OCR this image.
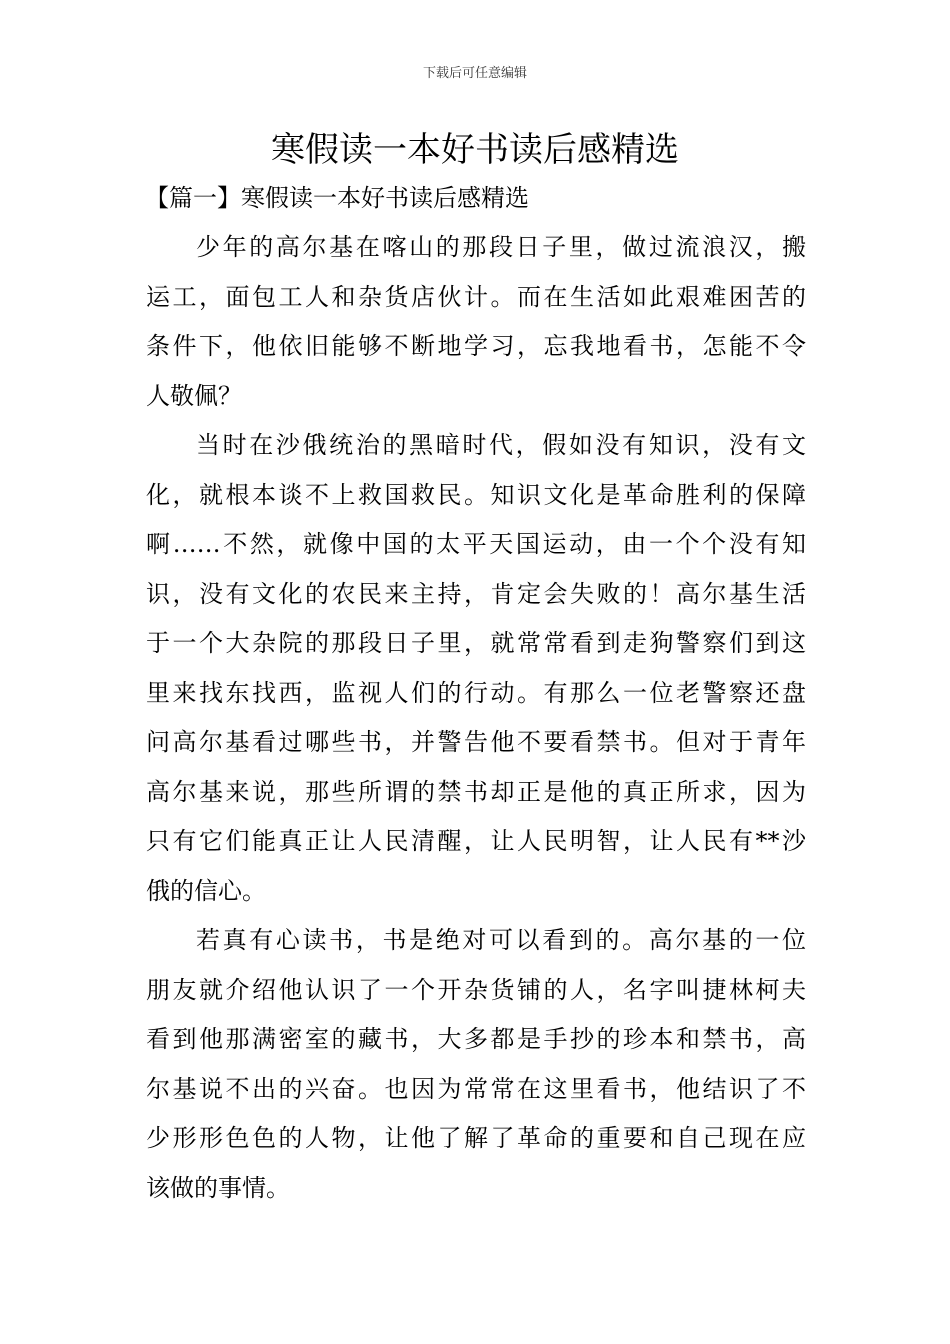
下载后可任意编辑
寒假读一本好书读后感精选
【篇一】寒假读一本好书读后感精选
少年的高尔基在喀山的那段日子里，做过流浪汉，搬
运工，面包工人和杂货店伙计。而在生活如此艰难困苦的
条件下，他依旧能够不断地学习，忘我地看书，怎能不令
人敬佩？
当时在沙俄统治的黑暗时代，假如没有知识，没有文
化，就根本谈不上救国救民。知识文化是革命胜利的保障
啊……不然，就像中国的太平天国运动，由一个个没有知
识，没有文化的农民来主持，肯定会失败的！高尔基生活
于一个大杂院的那段日子里，就常常看到走狗警察们到这
里来找东找西，监视人们的行动。有那么一位老警察还盘
问高尔基看过哪些书，并警告他不要看禁书。但对于青年
高尔基来说，那些所谓的禁书却正是他的真正所求，因为
只有它们能真正让人民清醒，让人民明智，让人民有**沙
俄的信心。
若真有心读书，书是绝对可以看到的。高尔基的一位
朋友就介绍他认识了一个开杂货铺的人，名字叫捷林柯夫
看到他那满密室的藏书，大多都是手抄的珍本和禁书，高
尔基说不出的兴奋。也因为常常在这里看书，他结识了不
少形形色色的人物，让他了解了革命的重要和自己现在应
该做的事情。
